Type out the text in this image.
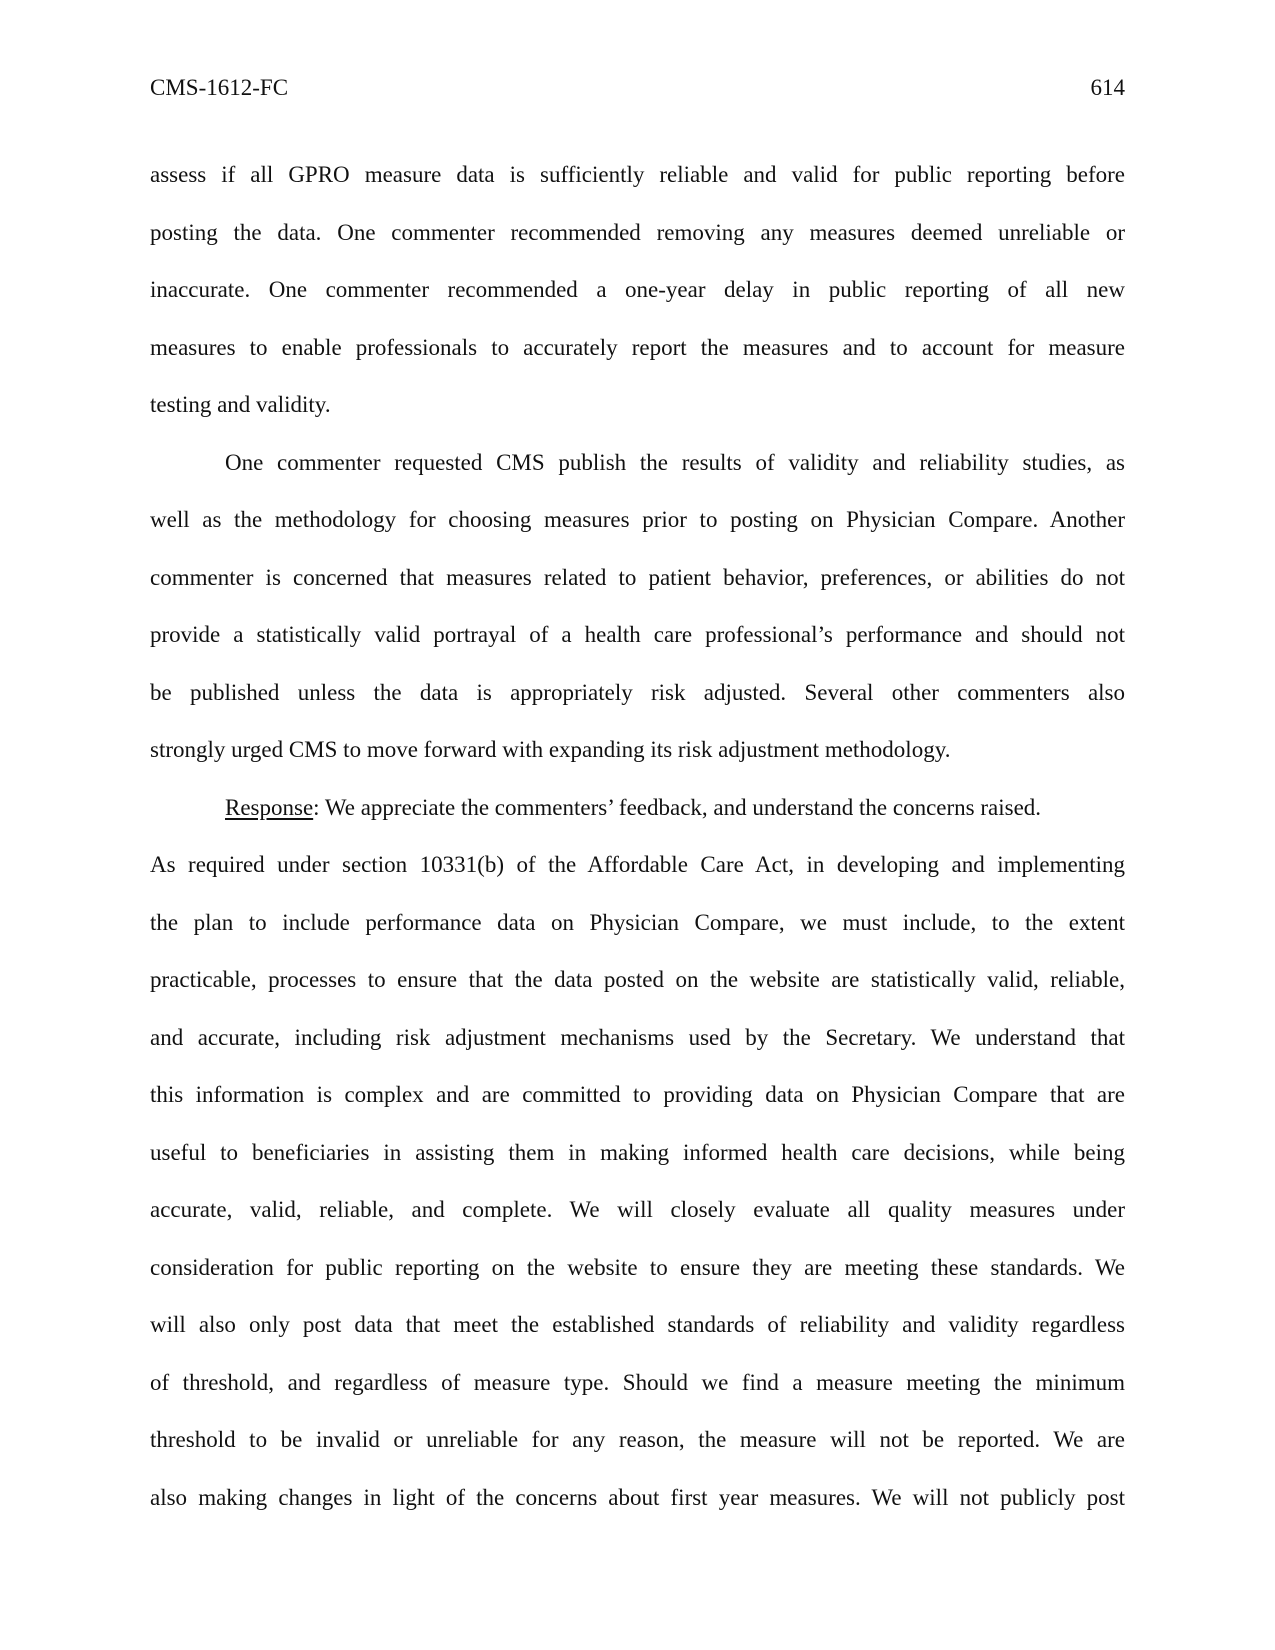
CMS-1612-FC	614
assess if all GPRO measure data is sufficiently reliable and valid for public reporting before
posting the data. One commenter recommended removing any measures deemed unreliable or
inaccurate. One commenter recommended a one-year delay in public reporting of all new
measures to enable professionals to accurately report the measures and to account for measure
testing and validity.
One commenter requested CMS publish the results of validity and reliability studies, as
well as the methodology for choosing measures prior to posting on Physician Compare. Another
commenter is concerned that measures related to patient behavior, preferences, or abilities do not
provide a statistically valid portrayal of a health care professional’s performance and should not
be published unless the data is appropriately risk adjusted. Several other commenters also
strongly urged CMS to move forward with expanding its risk adjustment methodology.
Response: We appreciate the commenters’ feedback, and understand the concerns raised.
As required under section 10331(b) of the Affordable Care Act, in developing and implementing
the plan to include performance data on Physician Compare, we must include, to the extent
practicable, processes to ensure that the data posted on the website are statistically valid, reliable,
and accurate, including risk adjustment mechanisms used by the Secretary. We understand that
this information is complex and are committed to providing data on Physician Compare that are
useful to beneficiaries in assisting them in making informed health care decisions, while being
accurate, valid, reliable, and complete. We will closely evaluate all quality measures under
consideration for public reporting on the website to ensure they are meeting these standards. We
will also only post data that meet the established standards of reliability and validity regardless
of threshold, and regardless of measure type. Should we find a measure meeting the minimum
threshold to be invalid or unreliable for any reason, the measure will not be reported. We are
also making changes in light of the concerns about first year measures. We will not publicly post
